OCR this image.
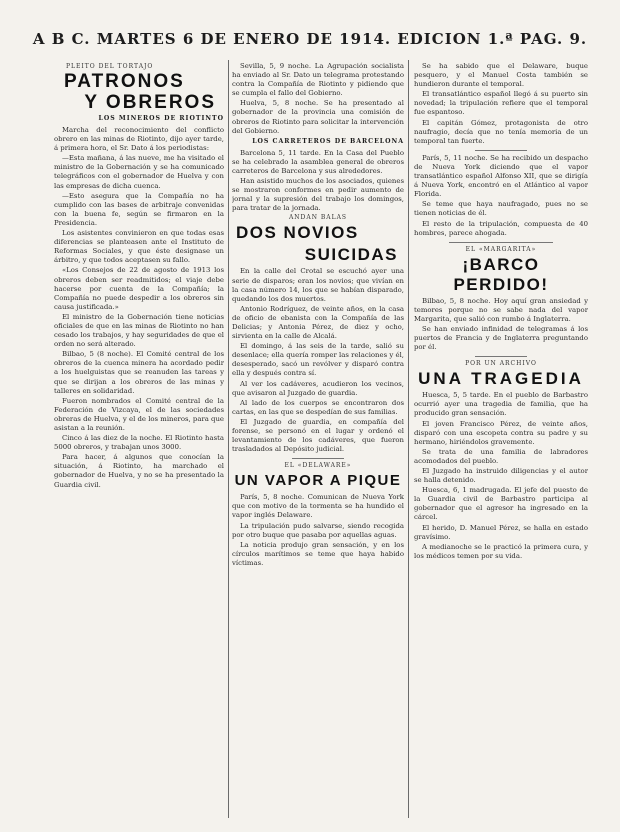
A B C. MARTES 6 DE ENERO DE 1914. EDICION 1.ª PAG. 9.
PLEITO DEL TORTAJO
PATRONOS
Y OBREROS
LOS MINEROS DE RIOTINTO

Marcha del reconocimiento del conflicto obrero en las minas de Riotinto, dijo ayer tarde, á primera hora, el Sr. Dato á los periodistas:

—Esta mañana, á las nueve, me ha visitado el ministro de la Gobernación y se ha comunicado telegráficos con el gobernador de Huelva y con las empresas de dicha cuenca.

—Esto asegura que la Compañía no ha cumplido con las bases de arbitraje convenidas con la buena fe, según se firmaron en la Presidencia.

Los asistentes convinieron en que todas esas diferencias se planteasen ante el Instituto de Reformas Sociales, y que éste designase un árbitro, y que todos aceptasen su fallo.

«Los Consejos de 22 de agosto de 1913 los obreros deben ser readmitidos; el viaje debe hacerse por cuenta de la Compañía; la Compañía no puede despedir a los obreros sin causa justificada.»

El ministro de la Gobernación tiene noticias oficiales de que en las minas de Riotinto no han cesado los trabajos, y hay seguridades de que el orden no será alterado.

Bilbao, 5 (8 noche). El Comité central de los obreros de la cuenca minera ha acordado pedir a los huelguistas que se reanuden las tareas y que se dirijan a los obreros de las minas y talleres en solidaridad.

Fueron nombrados el Comité central de la Federación de Vizcaya, el de las sociedades obreras de Huelva, y el de los mineros, para que asistan a la reunión.

Cinco á las diez de la noche. El Riotinto hasta 5000 obreros, y trabajan unos 3000.

Para hacer, á algunos que conocían la situación, á Riotinto, ha marchado el gobernador de Huelva, y no se ha presentado la Guardia civil.

Sevilla, 5, 9 noche. La Agrupación socialista ha enviado al Sr. Dato un telegrama protestando contra la Compañía de Riotinto y pidiendo que se cumpla el fallo del Gobierno.

Huelva, 5, 8 noche. Se ha presentado al gobernador de la provincia una comisión de obreros de Riotinto para solicitar la intervención del Gobierno.

LOS CARRETEROS DE BARCELONA

Barcelona 5, 11 tarde. En la Casa del Pueblo se ha celebrado la asamblea general de obreros carreteros de Barcelona y sus alrededores.

Han asistido muchos de los asociados, quienes se mostraron conformes en pedir aumento de jornal y la supresión del trabajo los domingos, para tratar de la jornada.

ANDAN BALAS
DOS NOVIOS
SUICIDAS

En la calle del Crotal se escuchó ayer una serie de disparos; eran los novios; que vivían en la casa número 14, los que se habían disparado, quedando los dos muertos.

Antonio Rodríguez, de veinte años, en la casa de oficio de ebanista con la Compañía de las Delicias; y Antonia Pérez, de diez y ocho, sirvienta en la calle de Alcalá.

El domingo, á las seis de la tarde, salió su desenlace; ella quería romper las relaciones y él, desesperado, sacó un revólver y disparó contra ella y después contra sí.

Al ver los cadáveres, acudieron los vecinos, que avisaron al Juzgado de guardia.

Al lado de los cuerpos se encontraron dos cartas, en las que se despedían de sus familias.

El Juzgado de guardia, en compañía del forense, se personó en el lugar y ordenó el levantamiento de los cadáveres, que fueron trasladados al Depósito judicial.

EL «DELAWARE»
UN VAPOR A PIQUE

París, 5, 8 noche. Comunican de Nueva York que con motivo de la tormenta se ha hundido el vapor inglés Delaware.

La tripulación pudo salvarse, siendo recogida por otro buque que pasaba por aquellas aguas.

La noticia produjo gran sensación, y en los círculos marítimos se teme que haya habido víctimas.

Se ha sabido que el Delaware, buque pesquero, y el Manuel Costa también se hundieron durante el temporal.

El transatlántico español llegó á su puerto sin novedad; la tripulación refiere que el temporal fue espantoso.

El capitán Gómez, protagonista de otro naufragio, decía que no tenía memoria de un temporal tan fuerte.

París, 5, 11 noche. Se ha recibido un despacho de Nueva York diciendo que el vapor transatlántico español Alfonso XII, que se dirigía á Nueva York, encontró en el Atlántico al vapor Florida.

Se teme que haya naufragado, pues no se tienen noticias de él.

El resto de la tripulación, compuesta de 40 hombres, parece ahogada.

EL «MARGARITA»
¡BARCO PERDIDO!

Bilbao, 5, 8 noche. Hoy aquí gran ansiedad y temores porque no se sabe nada del vapor Margarita, que salió con rumbo á Inglaterra.

Se han enviado infinidad de telegramas á los puertos de Francia y de Inglaterra preguntando por él.

POR UN ARCHIVO
UNA TRAGEDIA

Huesca, 5, 5 tarde. En el pueblo de Barbastro ocurrió ayer una tragedia de familia, que ha producido gran sensación.

El joven Francisco Pérez, de veinte años, disparó con una escopeta contra su padre y su hermano, hiriéndolos gravemente.

Se trata de una familia de labradores acomodados del pueblo.

El Juzgado ha instruido diligencias y el autor se halla detenido.

Huesca, 6, 1 madrugada. El jefe del puesto de la Guardia civil de Barbastro participa al gobernador que el agresor ha ingresado en la cárcel.

El herido, D. Manuel Pérez, se halla en estado gravísimo.

A medianoche se le practicó la primera cura, y los médicos temen por su vida.
